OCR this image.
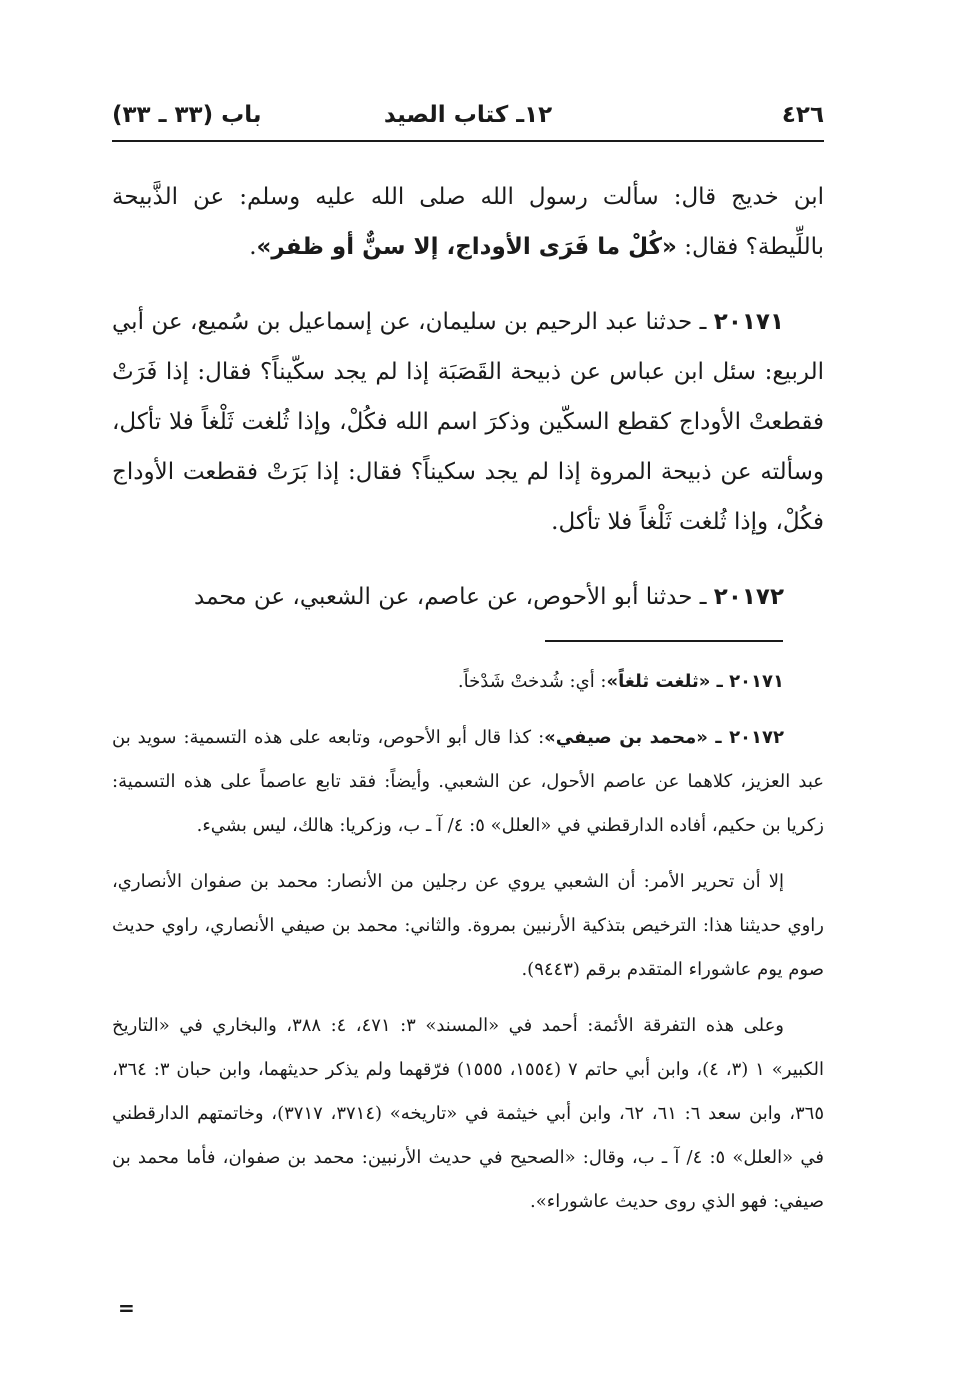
٤٢٦
١٢ـ كتاب الصيد
باب (٣٣ ـ ٣٣)

ابن خديج قال: سألت رسول الله صلى الله عليه وسلم: عن الذَّبيحة باللِّيطة؟ فقال: «كُلْ ما فَرَى الأوداج، إلا سنٌّ أو ظفر».

٢٠١٧١ ـ حدثنا عبد الرحيم بن سليمان، عن إسماعيل بن سُميع، عن أبي الربيع: سئل ابن عباس عن ذبيحة القَصَبَة إذا لم يجد سكّيناً؟ فقال: إذا فَرَتْ فقطعتْ الأوداج كقطع السكّين وذكرَ اسم الله فكُلْ، وإذا ثُلغت ثَلْغاً فلا تأكل، وسألته عن ذبيحة المروة إذا لم يجد سكيناً؟ فقال: إذا بَرَتْ فقطعت الأوداج فكُلْ، وإذا ثُلغت ثَلْغاً فلا تأكل.

٢٠١٧٢ ـ حدثنا أبو الأحوص، عن عاصم، عن الشعبي، عن محمد

٢٠١٧١ ـ «ثلغت ثلغاً»: أي: شُدختْ شَدْخاً.

٢٠١٧٢ ـ «محمد بن صيفي»: كذا قال أبو الأحوص، وتابعه على هذه التسمية: سويد بن عبد العزيز، كلاهما عن عاصم الأحول، عن الشعبي. وأيضاً: فقد تابع عاصماً على هذه التسمية: زكريا بن حكيم، أفاده الدارقطني في «العلل» ٥: ٤/ آ ـ ب، وزكريا: هالك، ليس بشيء.

إلا أن تحرير الأمر: أن الشعبي يروي عن رجلين من الأنصار: محمد بن صفوان الأنصاري، راوي حديثنا هذا: الترخيص بتذكية الأرنبين بمروة. والثاني: محمد بن صيفي الأنصاري، راوي حديث صوم يوم عاشوراء المتقدم برقم (٩٤٤٣).

وعلى هذه التفرقة الأئمة: أحمد في «المسند» ٣: ٤٧١، ٤: ٣٨٨، والبخاري في «التاريخ الكبير» ١ (٣، ٤)، وابن أبي حاتم ٧ (١٥٥٤، ١٥٥٥) فرّقهما ولم يذكر حديثهما، وابن حبان ٣: ٣٦٤، ٣٦٥، وابن سعد ٦: ٦١، ٦٢، وابن أبي خيثمة في «تاريخه» (٣٧١٤، ٣٧١٧)، وخاتمتهم الدارقطني في «العلل» ٥: ٤/ آ ـ ب، وقال: «الصحيح في حديث الأرنبين: محمد بن صفوان، فأما محمد بن صيفي: فهو الذي روى حديث عاشوراء».

=
